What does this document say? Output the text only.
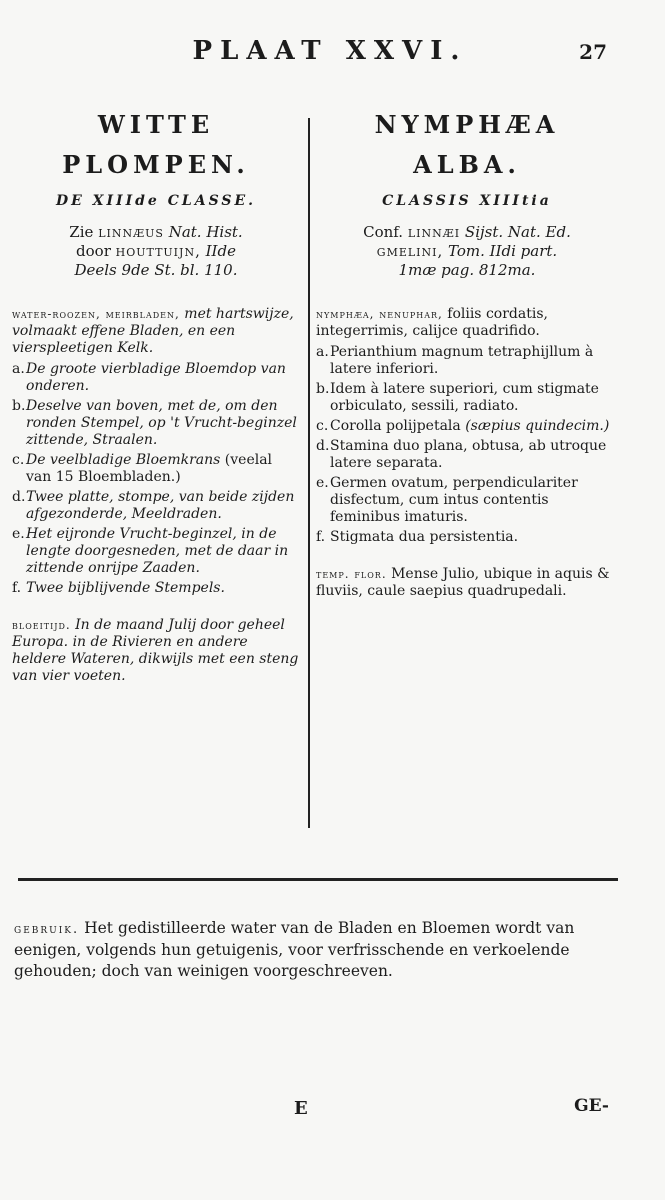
PLAAT XXVI.	27
WITTE
PLOMPEN.
DE XIIIde CLASSE.
Zie linnæus Nat. Hist.
door houttuijn, IIde
Deels 9de St. bl. 110.
water-roozen, meirbladen, met hartswijze, volmaakt effene Bladen, en een vierspleetigen Kelk.
a. De groote vierbladige Bloemdop van onderen.
b. Deselve van boven, met de, om den ronden Stempel, op 't Vrucht-beginzel zittende, Straalen.
c. De veelbladige Bloemkrans (veelal van 15 Bloembladen.)
d. Twee platte, stompe, van beide zijden afgezonderde, Meeldraden.
e. Het eijronde Vrucht-beginzel, in de lengte doorgesneden, met de daar in zittende onrijpe Zaaden.
f. Twee bijblijvende Stempels.
bloeitijd. In de maand Julij door geheel Europa. in de Rivieren en andere heldere Wateren, dikwijls met een steng van vier voeten.
NYMPHÆA
ALBA.
CLASSIS XIIItia
Conf. linnæi Sijst. Nat. Ed.
gmelini, Tom. IIdi part.
1mæ pag. 812ma.
nymphæa, nenuphar, foliis cordatis, integerrimis, calijce quadrifido.
a. Perianthium magnum tetraphijllum à latere inferiori.
b. Idem à latere superiori, cum stigmate orbiculato, sessili, radiato.
c. Corolla polijpetala (sæpius quindecim.)
d. Stamina duo plana, obtusa, ab utroque latere separata.
e. Germen ovatum, perpendiculariter disfectum, cum intus contentis feminibus imaturis.
f. Stigmata dua persistentia.
temp. flor. Mense Julio, ubique in aquis & fluviis, caule saepius quadrupedali.
gebruik. Het gedistilleerde water van de Bladen en Bloemen wordt van eenigen, volgends hun getuigenis, voor verfrisschende en verkoelende gehouden; doch van weinigen voorgeschreeven.
E	GE-
